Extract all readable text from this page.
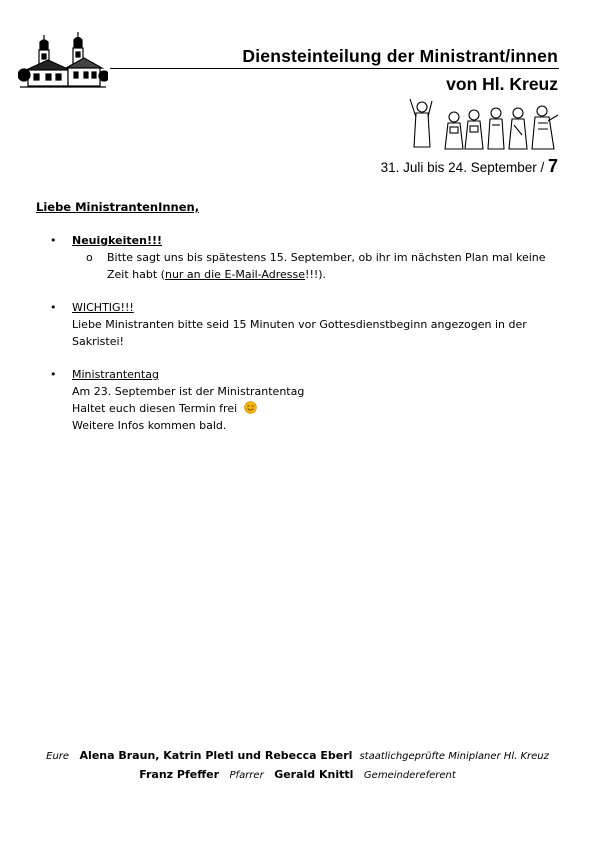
Diensteinteilung der Ministrant/innen
von Hl. Kreuz
31. Juli bis 24. September / 7
Liebe MinistrantenInnen,
• Neuigkeiten!!!
o Bitte sagt uns bis spätestens 15. September, ob ihr im nächsten Plan mal keine Zeit habt (nur an die E-Mail-Adresse!!!).
• WICHTIG!!!
Liebe Ministranten bitte seid 15 Minuten vor Gottesdienstbeginn angezogen in der Sakristei!
• Ministrantentag
Am 23. September ist der Ministrantentag
Haltet euch diesen Termin frei
Weitere Infos kommen bald.
Eure Alena Braun, Katrin Pletl und Rebecca Eberl staatlichgeprüfte Miniplaner Hl. Kreuz
Franz Pfeffer Pfarrer Gerald Knittl Gemeindereferent
